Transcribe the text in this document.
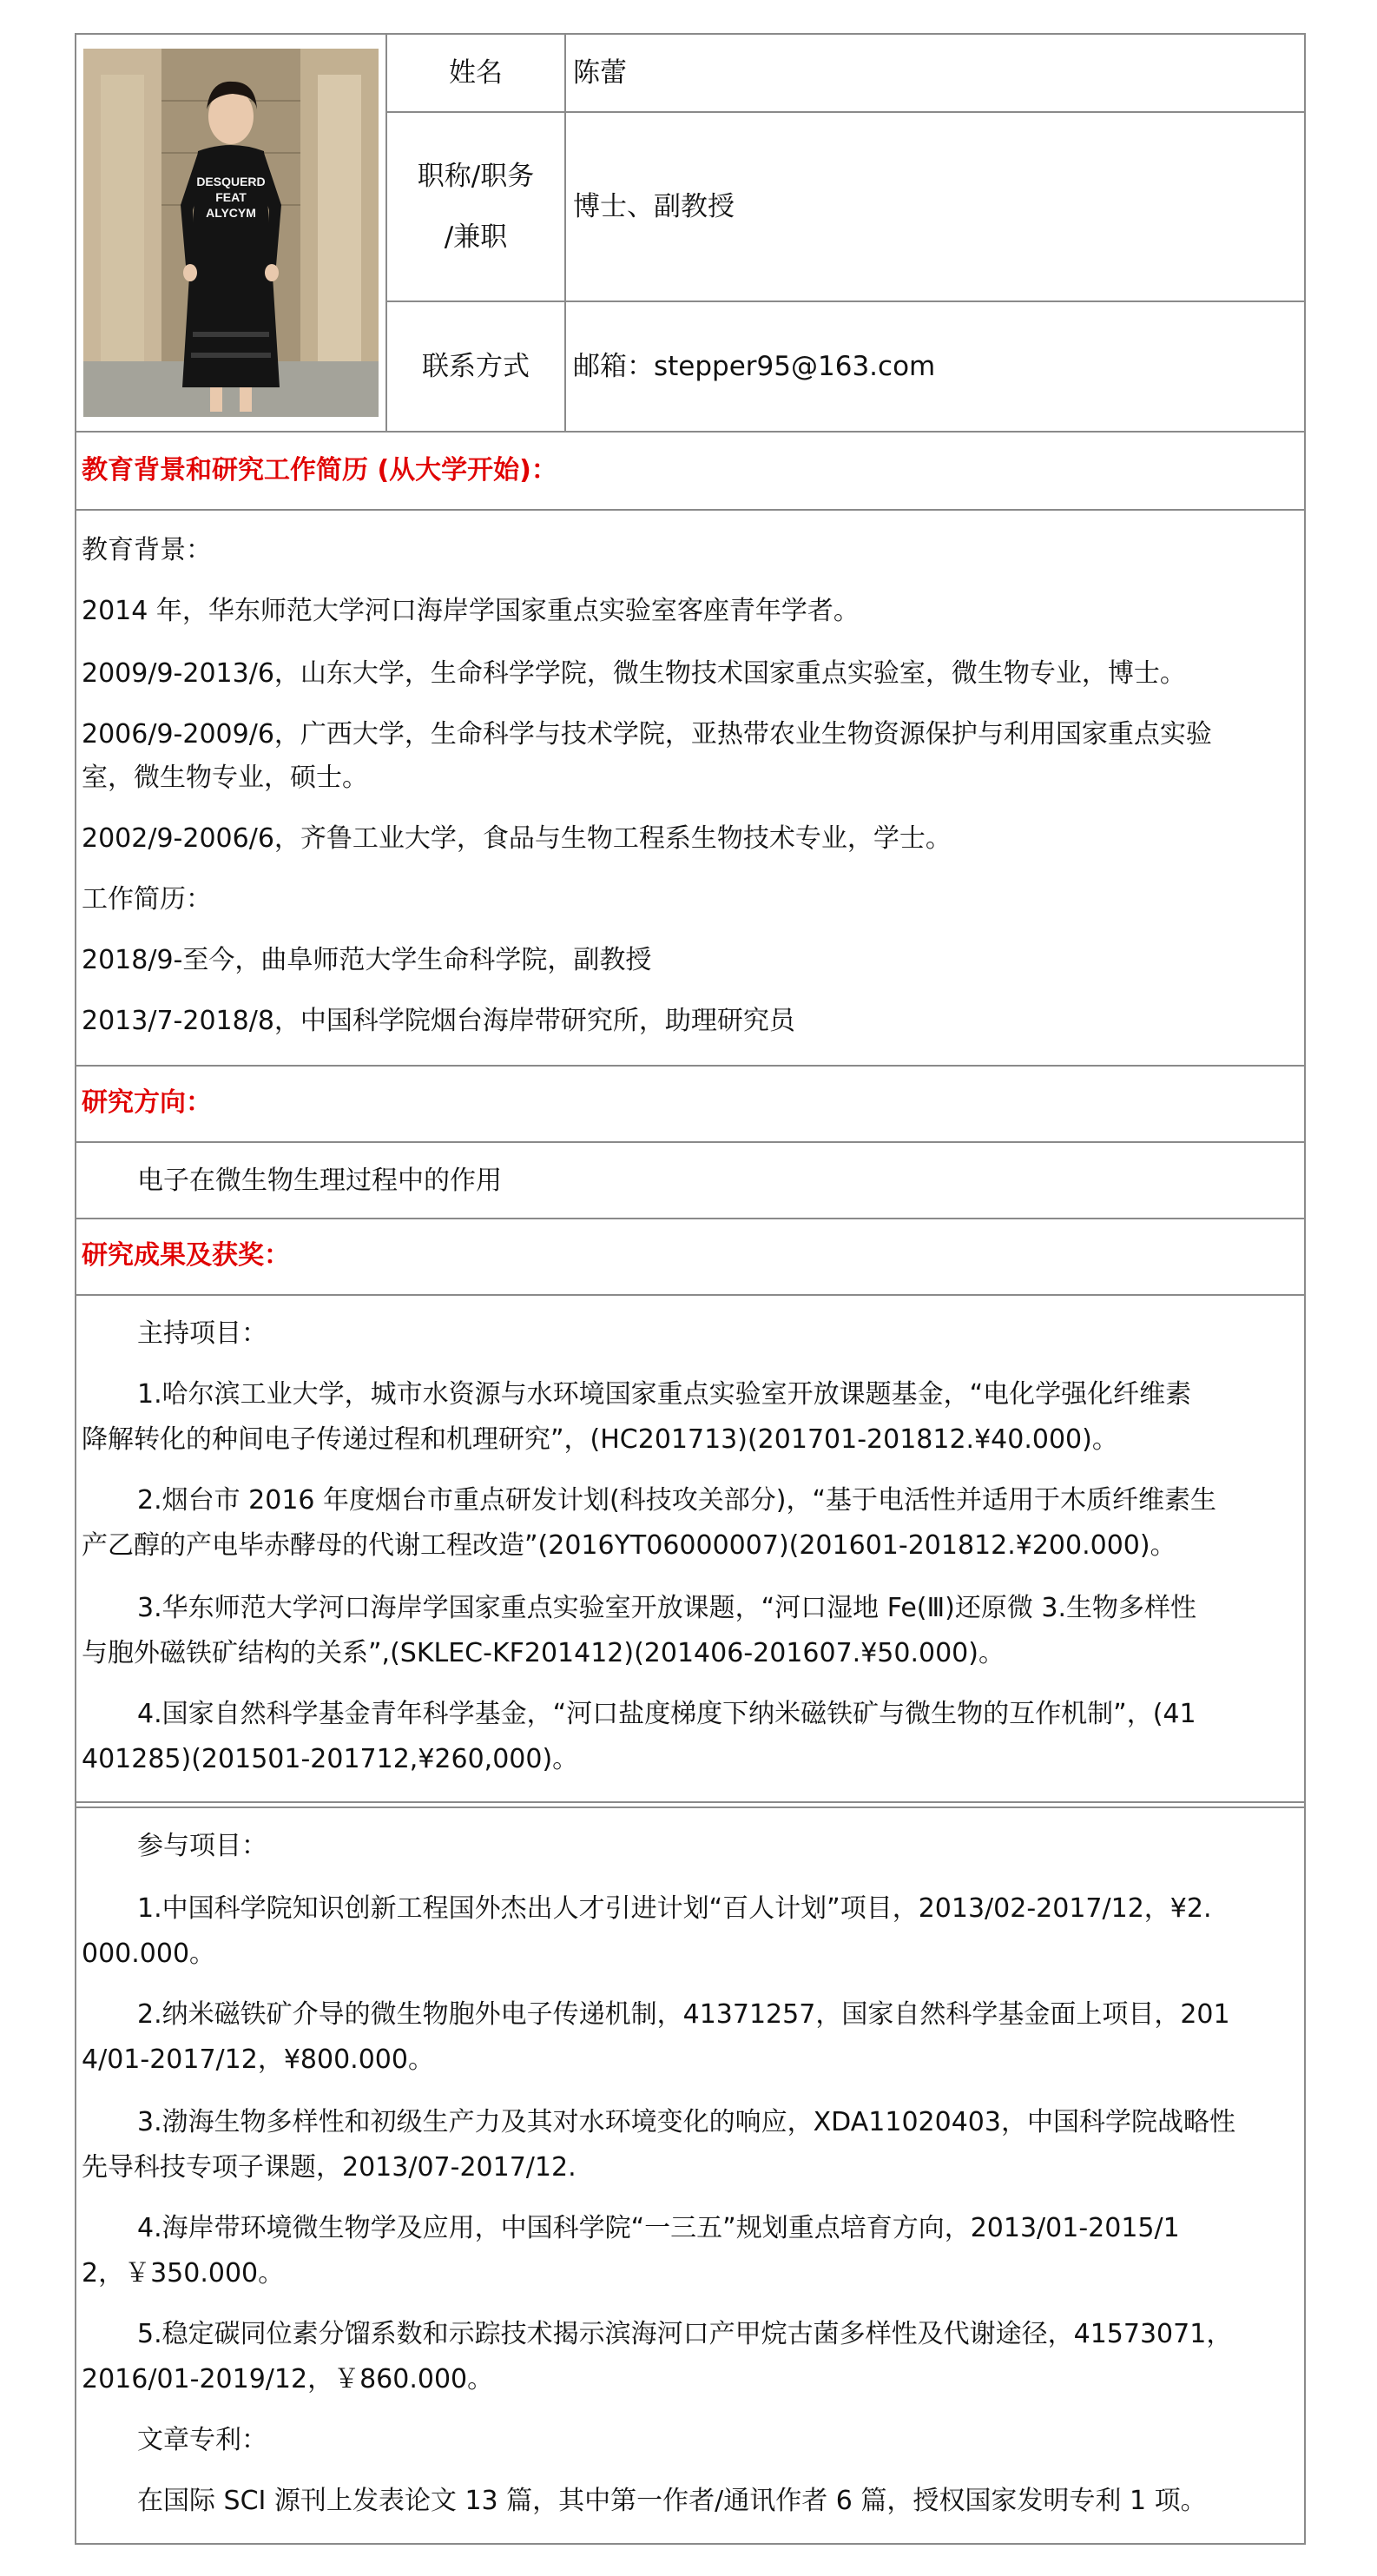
DESQUERD
FEAT
ALYCYM
姓名	陈蕾
职称/职务
/兼职
博士、副教授
联系方式 邮箱：stepper95@163.com
教育背景和研究工作简历 (从大学开始)：
教育背景：
2014 年，华东师范大学河口海岸学国家重点实验室客座青年学者。
2009/9-2013/6，山东大学，生命科学学院，微生物技术国家重点实验室，微生物专业，博士。
2006/9-2009/6，广西大学，生命科学与技术学院，亚热带农业生物资源保护与利用国家重点实验
室，微生物专业，硕士。
2002/9-2006/6，齐鲁工业大学，食品与生物工程系生物技术专业，学士。
工作简历：
2018/9-至今，曲阜师范大学生命科学院，副教授
2013/7-2018/8，中国科学院烟台海岸带研究所，助理研究员
研究方向：
电子在微生物生理过程中的作用
研究成果及获奖：
主持项目：
1.哈尔滨工业大学，城市水资源与水环境国家重点实验室开放课题基金，“电化学强化纤维素
降解转化的种间电子传递过程和机理研究”，(HC201713)(201701-201812.¥40.000)。
2.烟台市 2016 年度烟台市重点研发计划(科技攻关部分)，“基于电活性并适用于木质纤维素生
产乙醇的产电毕赤酵母的代谢工程改造”(2016YT06000007)(201601-201812.¥200.000)。
3.华东师范大学河口海岸学国家重点实验室开放课题，“河口湿地 Fe(Ⅲ)还原微 3.生物多样性
与胞外磁铁矿结构的关系”,(SKLEC-KF201412)(201406-201607.¥50.000)。
4.国家自然科学基金青年科学基金，“河口盐度梯度下纳米磁铁矿与微生物的互作机制”，(41
401285)(201501-201712,¥260,000)。
参与项目：
1.中国科学院知识创新工程国外杰出人才引进计划“百人计划”项目，2013/02-2017/12，¥2.
000.000。
2.纳米磁铁矿介导的微生物胞外电子传递机制，41371257，国家自然科学基金面上项目，201
4/01-2017/12，¥800.000。
3.渤海生物多样性和初级生产力及其对水环境变化的响应，XDA11020403，中国科学院战略性
先导科技专项子课题，2013/07-2017/12.
4.海岸带环境微生物学及应用，中国科学院“一三五”规划重点培育方向，2013/01-2015/1
2，￥350.000。
5.稳定碳同位素分馏系数和示踪技术揭示滨海河口产甲烷古菌多样性及代谢途径，41573071，
2016/01-2019/12，￥860.000。
文章专利：
在国际 SCI 源刊上发表论文 13 篇，其中第一作者/通讯作者 6 篇，授权国家发明专利 1 项。
